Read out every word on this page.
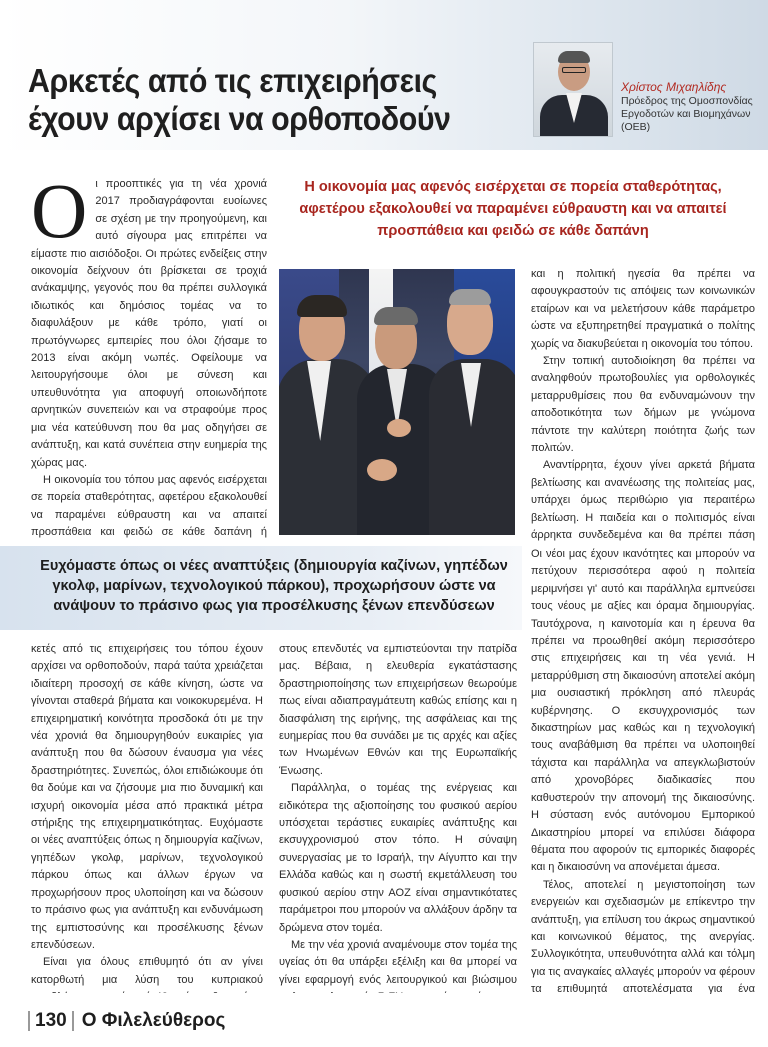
Αρκετές από τις επιχειρήσεις
έχουν αρχίσει να ορθοποδούν
Χρίστος Μιχαηλίδης
Πρόεδρος της Ομοσπονδίας Εργοδοτών και Βιομηχάνων (ΟΕΒ)
Η οικονομία μας αφενός εισέρχεται σε πορεία σταθερότητας, αφετέρου εξακολουθεί να παραμένει εύθραυστη και να απαιτεί προσπάθεια και φειδώ σε κάθε δαπάνη
Ο ι προοπτικές για τη νέα χρονιά 2017 προδιαγράφονται ευοίωνες σε σχέση με την προηγούμενη, και αυτό σίγουρα μας επιτρέπει να είμαστε πιο αισιόδοξοι. Οι πρώτες ενδείξεις στην οικονομία δείχνουν ότι βρίσκεται σε τροχιά ανάκαμψης, γεγονός που θα πρέπει συλλογικά ιδιωτικός και δημόσιος τομέας να το διαφυλάξουν με κάθε τρόπο, γιατί οι πρωτόγνωρες εμπειρίες που όλοι ζήσαμε το 2013 είναι ακόμη νωπές. Οφείλουμε να λειτουργήσουμε όλοι με σύνεση και υπευθυνότητα για αποφυγή οποιωνδήποτε αρνητικών συνεπειών και να στραφούμε προς μια νέα κατεύθυνση που θα μας οδηγήσει σε ανάπτυξη, και κατά συνέπεια στην ευημερία της χώρας μας.

Η οικονομία του τόπου μας αφενός εισέρχεται σε πορεία σταθερότητας, αφετέρου εξακολουθεί να παραμένει εύθραυστη και να απαιτεί προσπάθεια και φειδώ σε κάθε δαπάνη ή

και η πολιτική ηγεσία θα πρέπει να αφουγκραστούν τις απόψεις των κοινωνικών εταίρων και να μελετήσουν κάθε παράμετρο ώστε να εξυπηρετηθεί πραγματικά ο πολίτης χωρίς να διακυβεύεται η οικονομία του τόπου.

Στην τοπική αυτοδιοίκηση θα πρέπει να αναληφθούν πρωτοβουλίες για ορθολογικές μεταρρυθμίσεις που θα ενδυναμώνουν την αποδοτικότητα των δήμων με γνώμονα πάντοτε την καλύτερη ποιότητα ζωής των πολιτών.

Αναντίρρητα, έχουν γίνει αρκετά βήματα βελτίωσης και ανανέωσης της πολιτείας μας, υπάρχει όμως περιθώριο για περαιτέρω βελτίωση. Η παιδεία και ο πολιτισμός είναι άρρηκτα συνδεδεμένα και θα πρέπει πάση

Ευχόμαστε όπως οι νέες αναπτύξεις (δημιουργία καζίνων, γηπέδων γκολφ, μαρίνων, τεχνολογικού πάρκου), προχωρήσουν ώστε να ανάψουν το πράσινο φως για προσέλκυσης ξένων επενδύσεων

κετές από τις επιχειρήσεις του τόπου έχουν αρχίσει να ορθοποδούν, παρά ταύτα χρειάζεται ιδιαίτερη προσοχή σε κάθε κίνηση, ώστε να γίνονται σταθερά βήματα και νοικοκυρεμένα. Η επιχειρηματική κοινότητα προσδοκά ότι με την νέα χρονιά θα δημιουργηθούν ευκαιρίες για ανάπτυξη που θα δώσουν έναυσμα για νέες δραστηριότητες. Συνεπώς, όλοι επιδιώκουμε ότι θα δούμε και να ζήσουμε μια πιο δυναμική και ισχυρή οικονομία μέσα από πρακτικά μέτρα στήριξης της επιχειρηματικότητας. Ευχόμαστε οι νέες αναπτύξεις όπως η δημιουργία καζίνων, γηπέδων γκολφ, μαρίνων, τεχνολογικού πάρκου όπως και άλλων έργων να προχωρήσουν προς υλοποίηση και να δώσουν το πράσινο φως για ανάπτυξη και ενδυνάμωση της εμπιστοσύνης και προσέλκυσης ξένων επενδύσεων.

Είναι για όλους επιθυμητό ότι αν γίνει κατορθωτή μια λύση του κυπριακού

στους επενδυτές να εμπιστεύονται την πατρίδα μας. Βέβαια, η ελευθερία εγκατάστασης δραστηριοποίησης των επιχειρήσεων θεωρούμε πως είναι αδιαπραγμάτευτη καθώς επίσης και η διασφάλιση της ειρήνης, της ασφάλειας και της ευημερίας που θα συνάδει με τις αρχές και αξίες των Ηνωμένων Εθνών και της Ευρωπαϊκής Ένωσης.

Παράλληλα, ο τομέας της ενέργειας και ειδικότερα της αξιοποίησης του φυσικού αερίου υπόσχεται τεράστιες ευκαιρίες ανάπτυξης και εκσυγχρονισμού στον τόπο. Η σύναψη συνεργασίας με το Ισραήλ, την Αίγυπτο και την Ελλάδα καθώς και η σωστή εκμετάλλευση του φυσικού αερίου στην ΑΟΖ είναι σημαντικότατες παράμετροι που μπορούν να αλλάξουν άρδην τα δρώμενα στον τομέα.

Με την νέα χρονιά αναμένουμε στον τομέα της υγείας ότι θα υπάρξει εξέλιξη και θα μπορεί να γίνει εφαρμογή ενός λειτουργικού και βιώσιμου

Οι νέοι μας έχουν ικανότητες και μπορούν να πετύχουν περισσότερα αφού η πολιτεία μεριμνήσει γι' αυτό και παράλληλα εμπνεύσει τους νέους με αξίες και όραμα δημιουργίας. Ταυτόχρονα, η καινοτομία και η έρευνα θα πρέπει να προωθηθεί ακόμη περισσότερο στις επιχειρήσεις και τη νέα γενιά. Η μεταρρύθμιση στη δικαιοσύνη αποτελεί ακόμη μια ουσιαστική πρόκληση από πλευράς κυβέρνησης. Ο εκσυγχρονισμός των δικαστηρίων μας καθώς και η τεχνολογική τους αναβάθμιση θα πρέπει να υλοποιηθεί τάχιστα και παράλληλα να απεγκλωβιστούν από χρονοβόρες διαδικασίες που καθυστερούν την απονομή της δικαιοσύνης. Η σύσταση ενός αυτόνομου Εμπορικού Δικαστηρίου μπορεί να επιλύσει διάφορα θέματα που αφορούν τις εμπορικές διαφορές και η δικαιοσύνη να απονέμεται άμεσα.

Τέλος, αποτελεί η μεγιστοποίηση των ενεργειών και σχεδιασμών με επίκεντρο την ανάπτυξη, για επίλυση του άκρως σημαντικού και κοινωνικού θέματος, της ανεργίας. Συλλογικότητα, υπευθυνότητα αλλά και τόλμη για τις αναγκαίες αλλαγές μπορούν να φέρουν τα επιθυμητά αποτελέσματα για ένα

130 Ο Φιλελεύθερος
